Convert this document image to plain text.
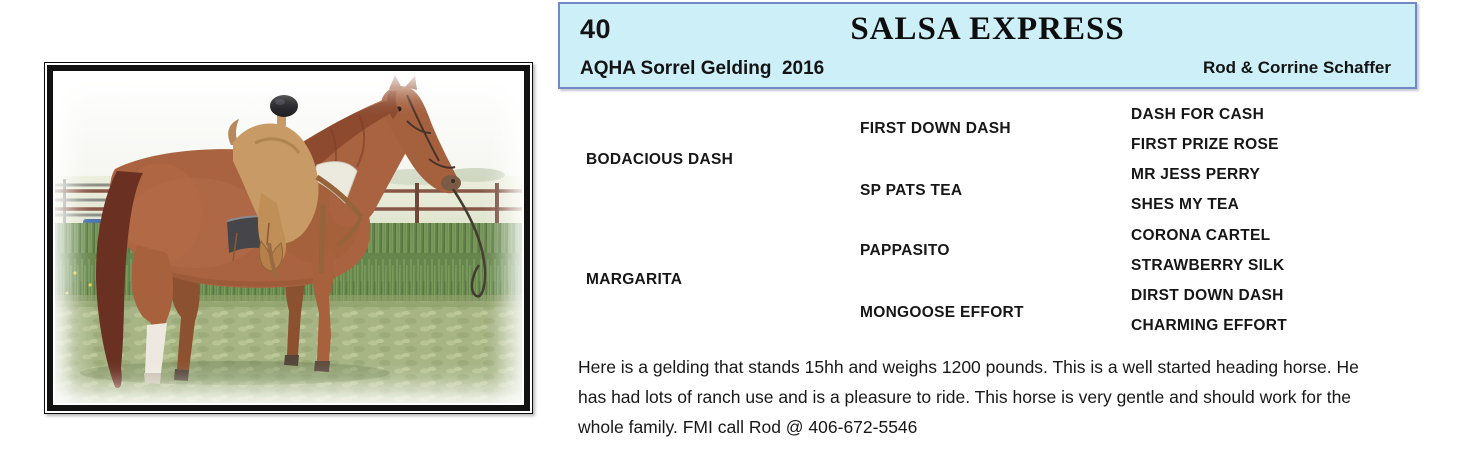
40	SALSA EXPRESS
AQHA Sorrel Gelding  2016	Rod & Corrine Schaffer
BODACIOUS DASH
MARGARITA
FIRST DOWN DASH
SP PATS TEA
PAPPASITO
MONGOOSE EFFORT
DASH FOR CASH
FIRST PRIZE ROSE
MR JESS PERRY
SHES MY TEA
CORONA CARTEL
STRAWBERRY SILK
DIRST DOWN DASH
CHARMING EFFORT

Here is a gelding that stands 15hh and weighs 1200 pounds. This is a well started heading horse. He has had lots of ranch use and is a pleasure to ride. This horse is very gentle and should work for the whole family. FMI call Rod @ 406-672-5546
